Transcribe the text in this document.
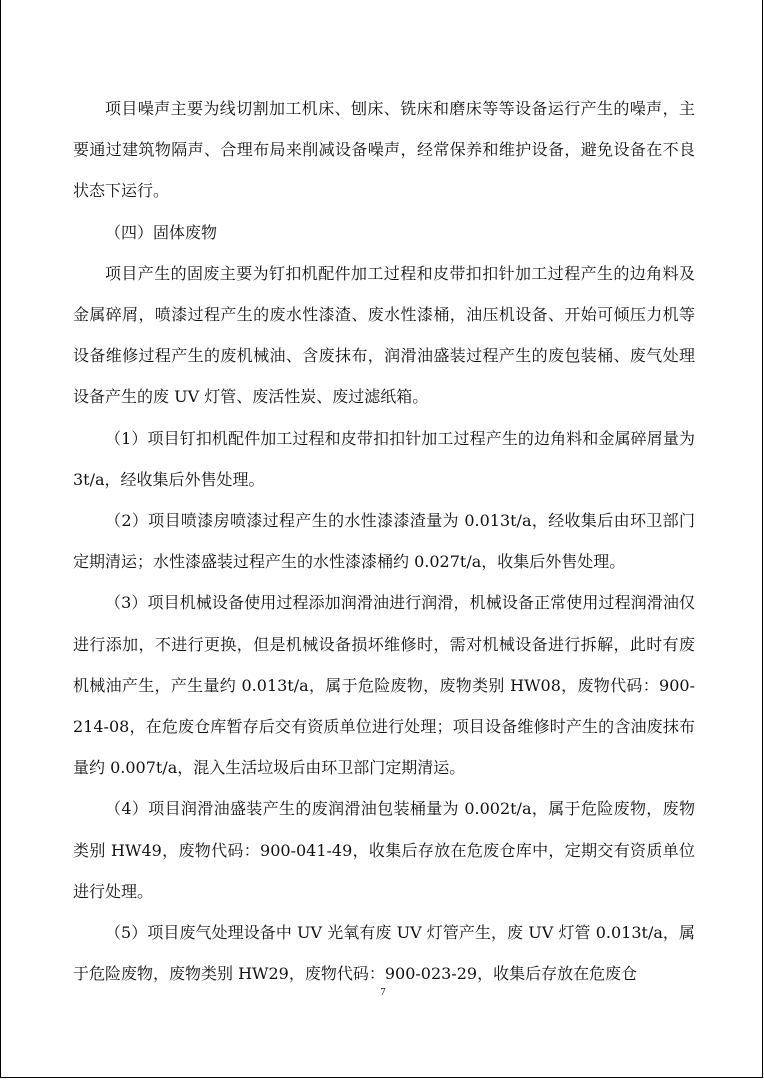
项目噪声主要为线切割加工机床、刨床、铣床和磨床等等设备运行产生的噪声，主要通过建筑物隔声、合理布局来削减设备噪声，经常保养和维护设备，避免设备在不良状态下运行。

（四）固体废物

项目产生的固废主要为钉扣机配件加工过程和皮带扣扣针加工过程产生的边角料及金属碎屑，喷漆过程产生的废水性漆渣、废水性漆桶，油压机设备、开始可倾压力机等设备维修过程产生的废机械油、含废抹布，润滑油盛装过程产生的废包装桶、废气处理设备产生的废 UV 灯管、废活性炭、废过滤纸箱。

（1）项目钉扣机配件加工过程和皮带扣扣针加工过程产生的边角料和金属碎屑量为 3t/a，经收集后外售处理。

（2）项目喷漆房喷漆过程产生的水性漆漆渣量为 0.013t/a，经收集后由环卫部门定期清运；水性漆盛装过程产生的水性漆漆桶约 0.027t/a，收集后外售处理。

（3）项目机械设备使用过程添加润滑油进行润滑，机械设备正常使用过程润滑油仅进行添加，不进行更换，但是机械设备损坏维修时，需对机械设备进行拆解，此时有废机械油产生，产生量约 0.013t/a，属于危险废物，废物类别 HW08，废物代码：900-214-08，在危废仓库暂存后交有资质单位进行处理；项目设备维修时产生的含油废抹布量约 0.007t/a，混入生活垃圾后由环卫部门定期清运。

（4）项目润滑油盛装产生的废润滑油包装桶量为 0.002t/a，属于危险废物，废物类别 HW49，废物代码：900-041-49，收集后存放在危废仓库中，定期交有资质单位进行处理。

（5）项目废气处理设备中 UV 光氧有废 UV 灯管产生，废 UV 灯管 0.013t/a，属于危险废物，废物类别 HW29，废物代码：900-023-29，收集后存放在危废仓

7
